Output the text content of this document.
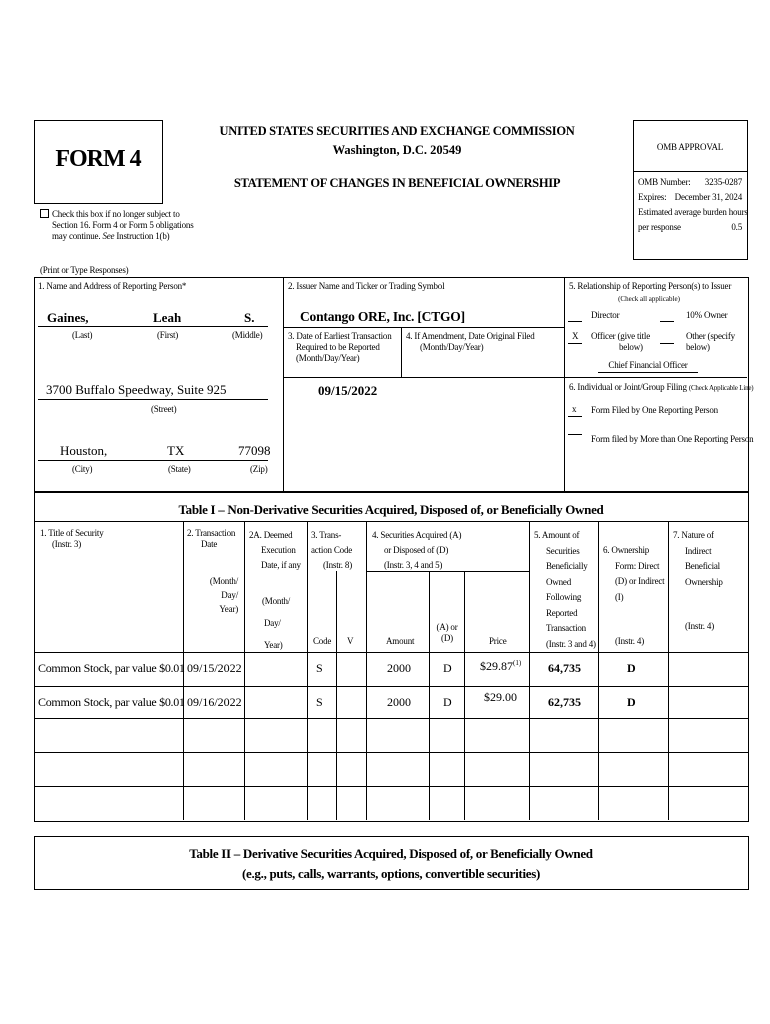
FORM 4
Check this box if no longer subject to
Section 16. Form 4 or Form 5 obligations
may continue. See Instruction 1(b)
UNITED STATES SECURITIES AND EXCHANGE COMMISSION
Washington, D.C. 20549
STATEMENT OF CHANGES IN BENEFICIAL OWNERSHIP
OMB APPROVAL
OMB Number:	3235-0287
Expires: December 31, 2024
Estimated average burden hours
per response	0.5
(Print or Type Responses)
1. Name and Address of Reporting Person*
Gaines,	Leah	S.
(Last)	(First)	(Middle)
3700 Buffalo Speedway, Suite 925
(Street)
Houston,	TX	77098
(City)	(State)	(Zip)
2. Issuer Name and Ticker or Trading Symbol
Contango ORE, Inc. [CTGO]
3. Date of Earliest Transaction
Required to be Reported
(Month/Day/Year)
09/15/2022
4. If Amendment, Date Original Filed
(Month/Day/Year)
5. Relationship of Reporting Person(s) to Issuer
(Check all applicable)
Director	10% Owner
X Officer (give title
below)
Other (specify
below)
Chief Financial Officer
6. Individual or Joint/Group Filing (Check Applicable Line)
x Form Filed by One Reporting Person
Form filed by More than One Reporting Person
Table I – Non-Derivative Securities Acquired, Disposed of, or Beneficially Owned
1. Title of Security
(Instr. 3)
2. Transaction
Date
(Month/
Day/
Year)
2A. Deemed
Execution
Date, if any
(Month/
Day/
Year)
3. Trans-
action Code
(Instr. 8)
Code V
4. Securities Acquired (A)
or Disposed of (D)
(Instr. 3, 4 and 5)
Amount
(A) or
(D)	Price
5. Amount of
Securities
Beneficially
Owned
Following
Reported
Transaction
(Instr. 3 and 4)
6. Ownership
Form: Direct
(D) or Indirect
(I)
(Instr. 4)
7. Nature of
Indirect
Beneficial
Ownership
(Instr. 4)
Common Stock, par value $0.01 09/15/2022	S	2000	D $29.87$^{(1)}$ 64,735	D
Common Stock, par value $0.01 09/16/2022	S	2000	D	$29.00	62,735	D
Table II – Derivative Securities Acquired, Disposed of, or Beneficially Owned
(e.g., puts, calls, warrants, options, convertible securities)
